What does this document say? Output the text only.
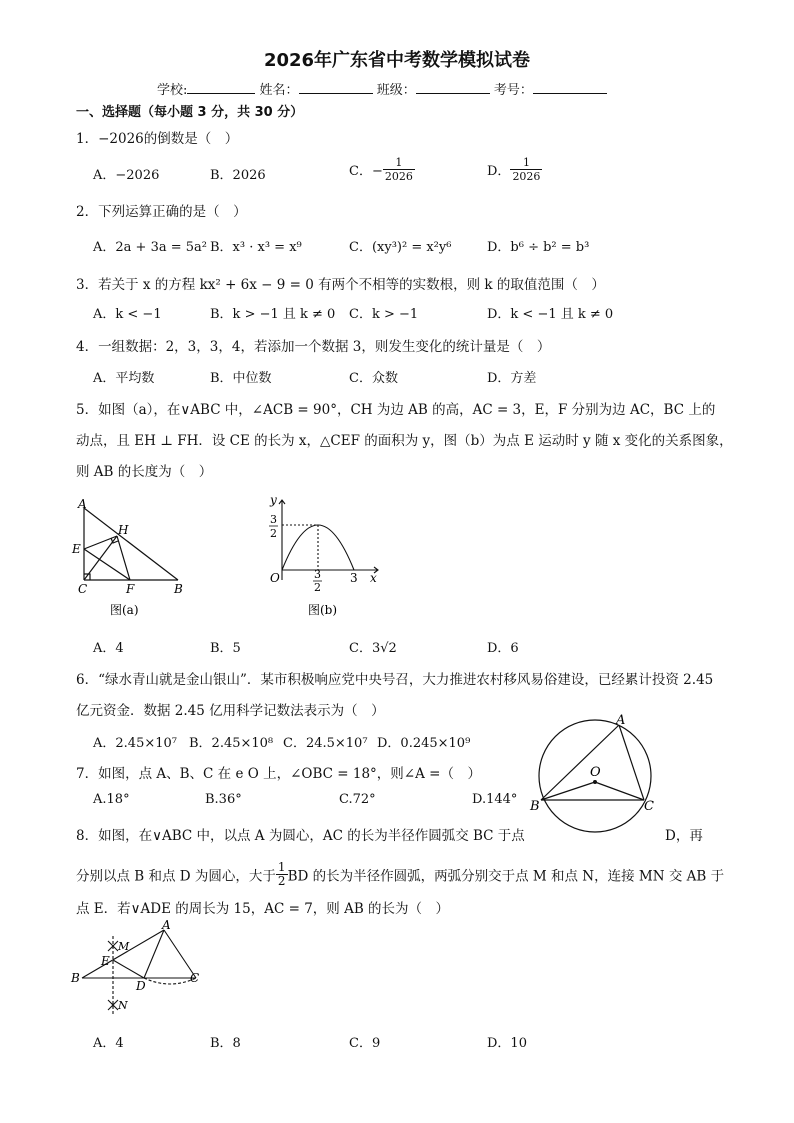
2026年广东省中考数学模拟试卷
学校:	姓名：	班级：	考号：
一、选择题（每小题 3 分，共 30 分）
1．−2026的倒数是（　）
A．−2026	B．2026	C．− $\frac{1}{2026}$	D． $\frac{1}{2026}$
2．下列运算正确的是（　）
A．2a + 3a = 5a² B．x³ · x³ = x⁹	C．(xy³)² = x²y⁶	D．b⁶ ÷ b² = b³
3．若关于 x 的方程 kx² + 6x − 9 = 0 有两个不相等的实数根，则 k 的取值范围（　）
A．k < −1	B．k > −1 且 k ≠ 0 C．k > −1	D．k < −1 且 k ≠ 0
4．一组数据：2，3，3，4，若添加一个数据 3，则发生变化的统计量是（　）
A．平均数	B．中位数	C．众数	D．方差
5．如图（a），在∨ABC 中，∠ACB = 90°，CH 为边 AB 的高，AC = 3，E，F 分别为边 AC，BC 上的
动点，且 EH ⊥ FH．设 CE 的长为 x，△CEF 的面积为 y，图（b）为点 E 运动时 y 随 x 变化的关系图象，
则 AB 的长度为（　）
A
H
E
C	F	B
图(a)
y
O	x
3
3
2
3
2
图(b)
A．4	B．5	C．3√2	D．6
6．“绿水青山就是金山银山”．某市积极响应党中央号召，大力推进农村移风易俗建设，已经累计投资 2.45
亿元资金．数据 2.45 亿用科学记数法表示为（　）
A．2.45×10⁷ B．2.45×10⁸ C．24.5×10⁷ D．0.245×10⁹
A
O
B	C
7．如图，点 A、B、C 在 e O 上，∠OBC = 18°，则∠A =（　）
A.18°	B.36°	C.72°	D.144°
8．如图，在∨ABC 中，以点 A 为圆心，AC 的长为半径作圆弧交 BC 于点	D，再
分别以点 B 和点 D 为圆心，大于 $\frac{1}{2}$ BD 的长为半径作圆弧，两弧分别交于点 M 和点 N，连接 MN 交 AB 于
点 E．若∨ADE 的周长为 15，AC = 7，则 AB 的长为（　）
A
M
E
B
D
C
N
A．4	B．8	C．9	D．10
